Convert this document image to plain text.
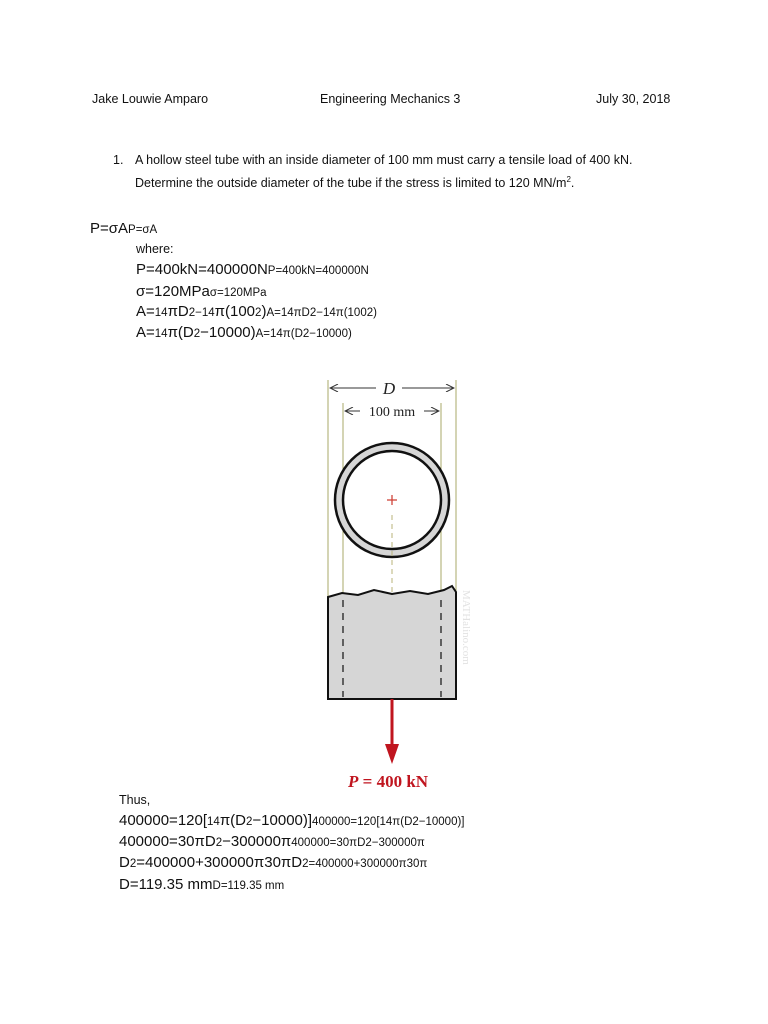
Jake Louwie Amparo	Engineering Mechanics 3	July 30, 2018
1. A hollow steel tube with an inside diameter of 100 mm must carry a tensile load of 400 kN.
Determine the outside diameter of the tube if the stress is limited to 120 $MN/m^2$.
P=σAP=σA
where:
P=400kN=400000NP=400kN=400000N
σ=120MPaσ=120MPa
A=14πD2−14π(1002)A=14πD2−14π(1002)
A=14π(D2−10000)A=14π(D2−10000)
D
100 mm
MATHalino.com
P = 400 kN
Thus,
400000=120[14π(D2−10000)]400000=120[14π(D2−10000)]
400000=30πD2−300000π400000=30πD2−300000π
D2=400000+300000π30πD2=400000+300000π30π
D=119.35 mmD=119.35 mm
